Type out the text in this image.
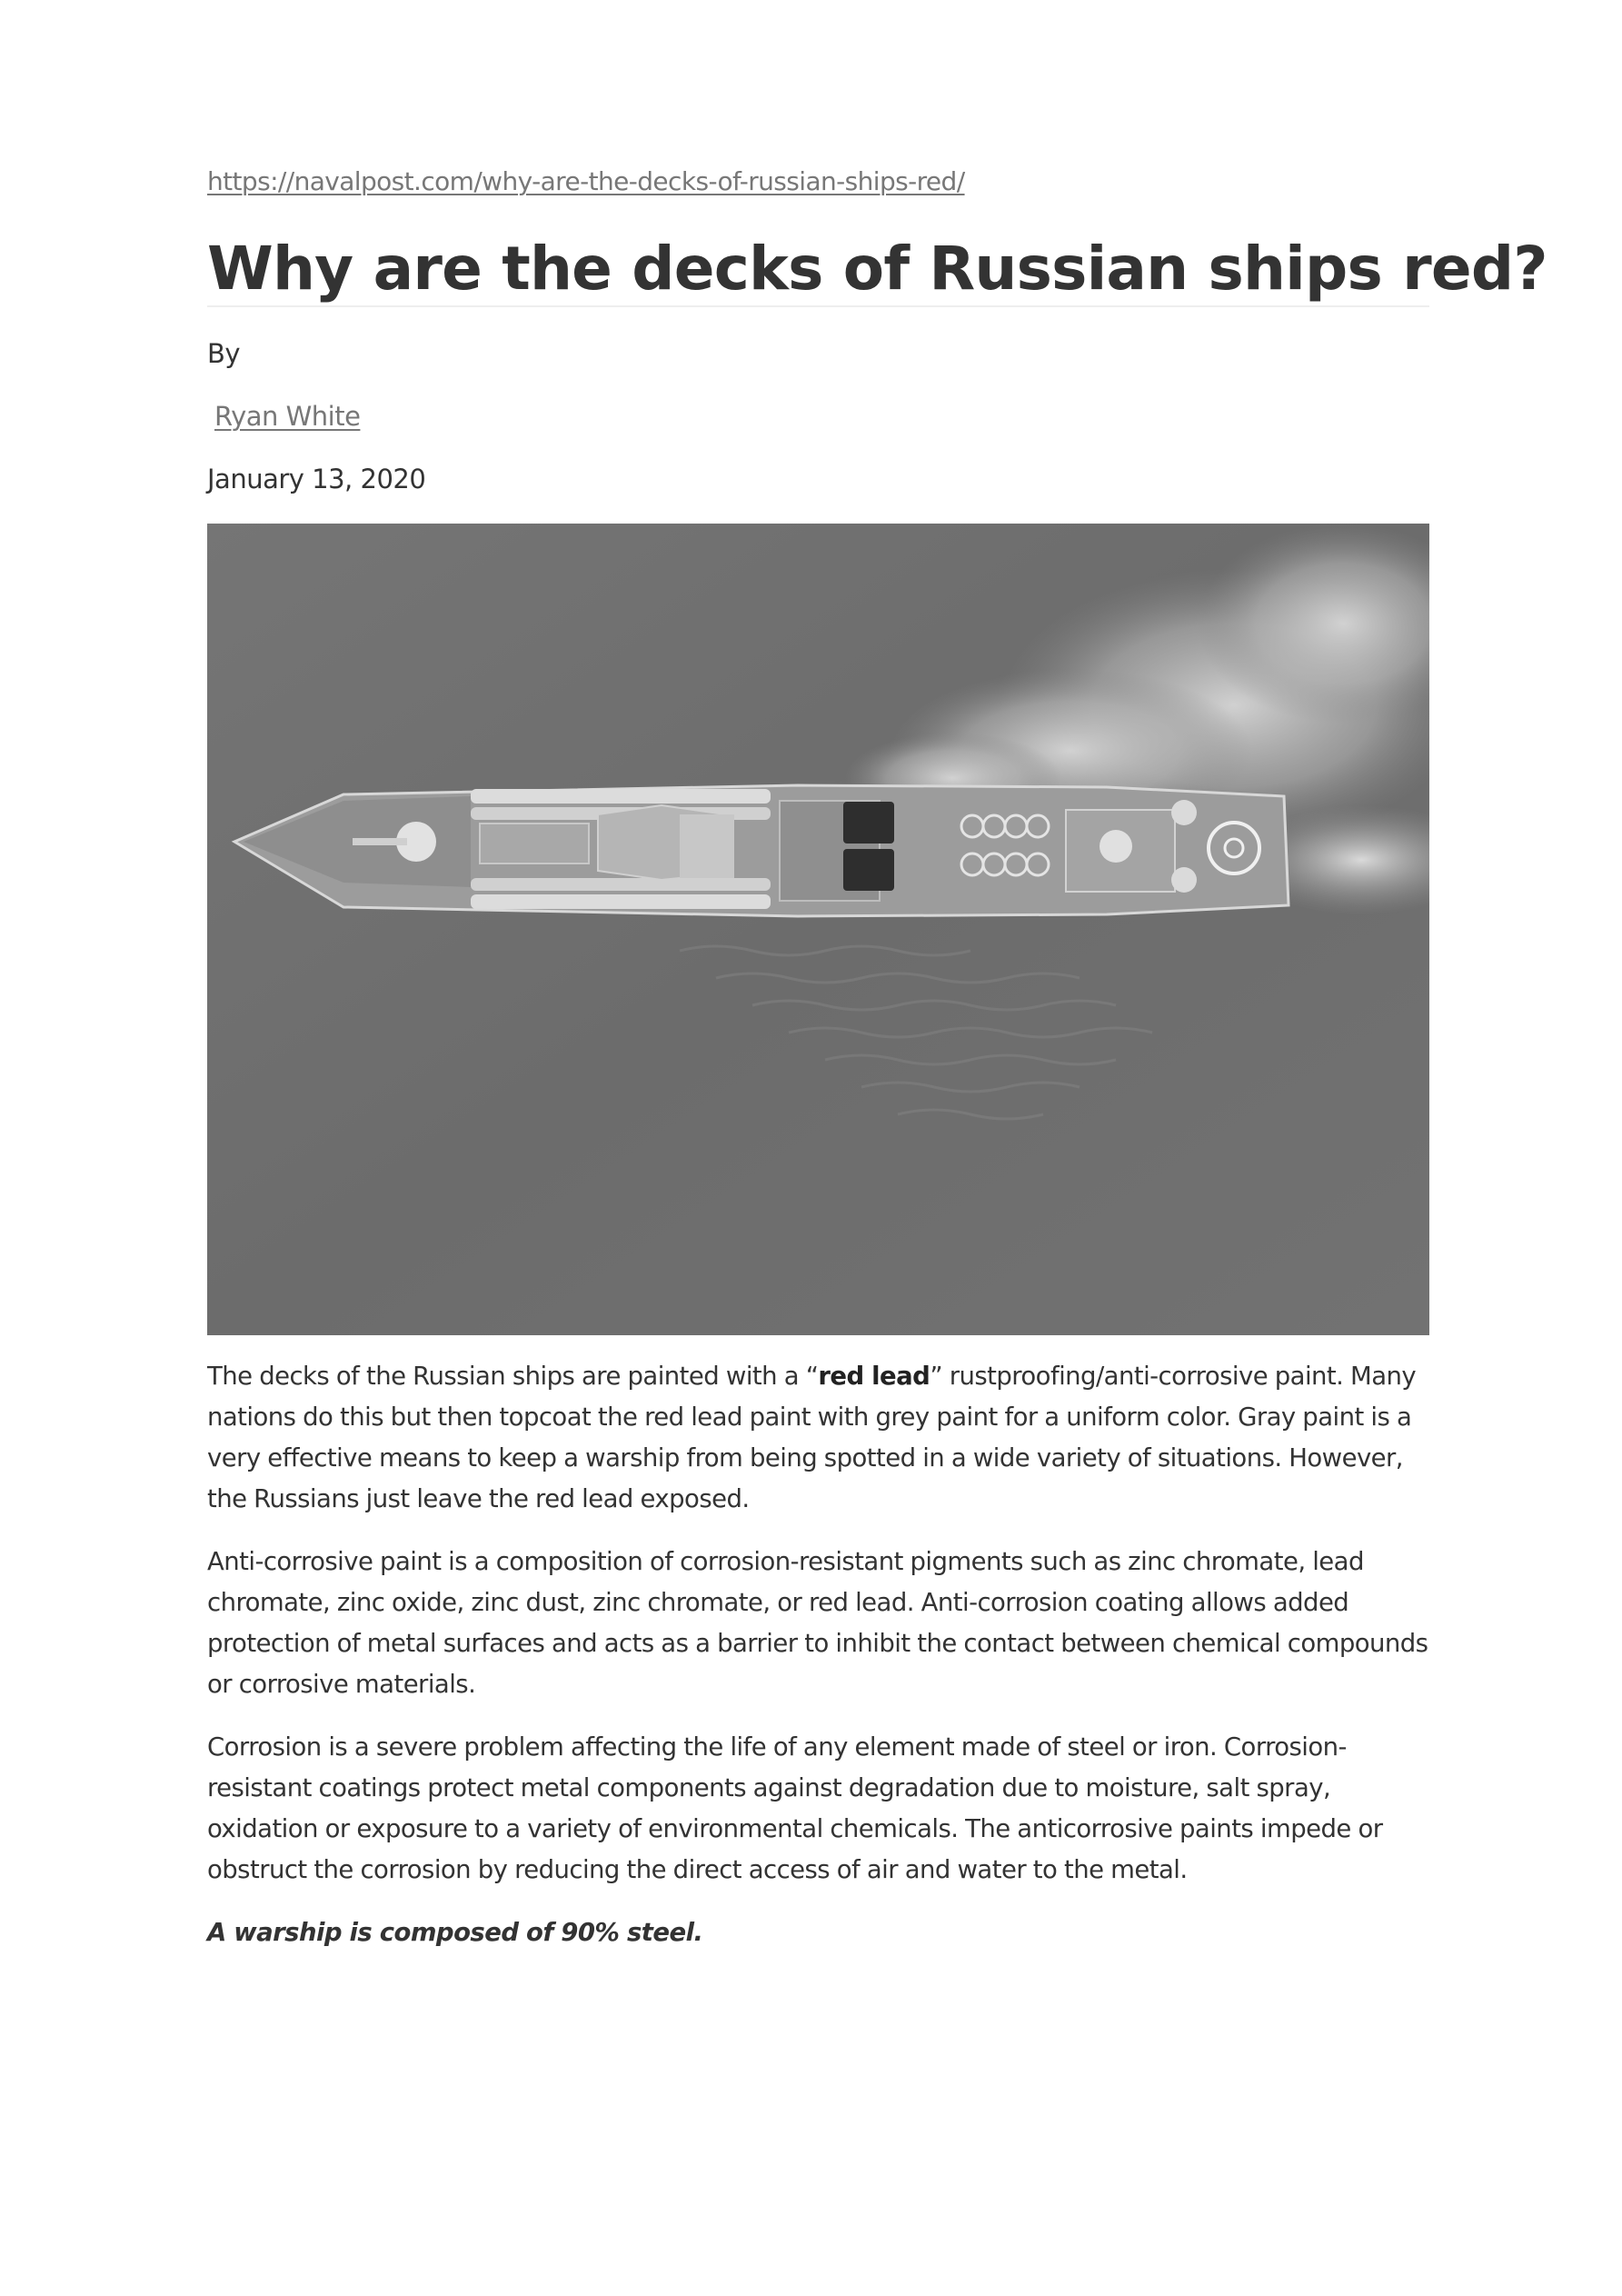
https://navalpost.com/why-are-the-decks-of-russian-ships-red/
Why are the decks of Russian ships red?
By
Ryan White
January 13, 2020

The decks of the Russian ships are painted with a “red lead” rustproofing/anti-corrosive paint. Many nations do this but then topcoat the red lead paint with grey paint for a uniform color. Gray paint is a very effective means to keep a warship from being spotted in a wide variety of situations. However, the Russians just leave the red lead exposed.

Anti-corrosive paint is a composition of corrosion-resistant pigments such as zinc chromate, lead chromate, zinc oxide, zinc dust, zinc chromate, or red lead. Anti-corrosion coating allows added protection of metal surfaces and acts as a barrier to inhibit the contact between chemical compounds or corrosive materials.

Corrosion is a severe problem affecting the life of any element made of steel or iron. Corrosion-resistant coatings protect metal components against degradation due to moisture, salt spray, oxidation or exposure to a variety of environmental chemicals. The anticorrosive paints impede or obstruct the corrosion by reducing the direct access of air and water to the metal.

A warship is composed of 90% steel.
